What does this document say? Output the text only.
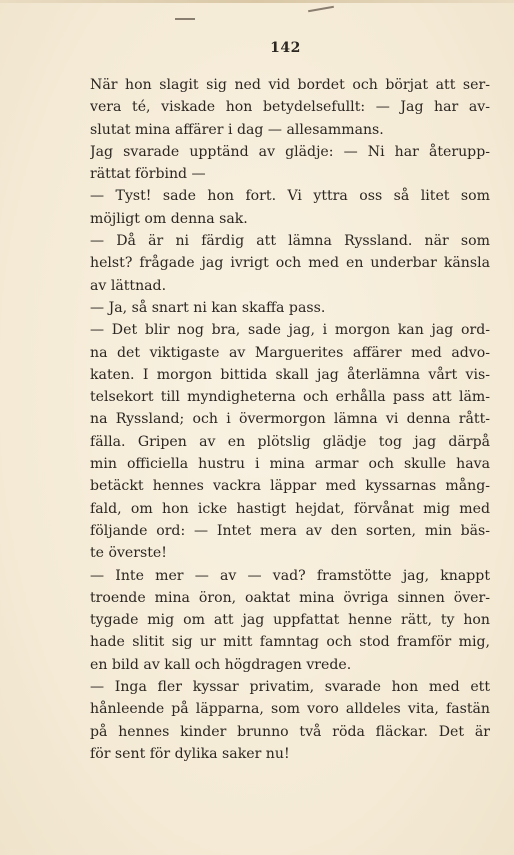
142
När hon slagit sig ned vid bordet och börjat att ser-
vera té, viskade hon betydelsefullt: — Jag har av-
slutat mina affärer i dag — allesammans.
Jag svarade upptänd av glädje: — Ni har återupp-
rättat förbind —
— Tyst! sade hon fort. Vi yttra oss så litet som
möjligt om denna sak.
— Då är ni färdig att lämna Ryssland. när som
helst? frågade jag ivrigt och med en underbar känsla
av lättnad.
— Ja, så snart ni kan skaffa pass.
— Det blir nog bra, sade jag, i morgon kan jag ord-
na det viktigaste av Marguerites affärer med advo-
katen. I morgon bittida skall jag återlämna vårt vis-
telsekort till myndigheterna och erhålla pass att läm-
na Ryssland; och i övermorgon lämna vi denna rått-
fälla. Gripen av en plötslig glädje tog jag därpå
min officiella hustru i mina armar och skulle hava
betäckt hennes vackra läppar med kyssarnas mång-
fald, om hon icke hastigt hejdat, förvånat mig med
följande ord: — Intet mera av den sorten, min bäs-
te överste!
— Inte mer — av — vad? framstötte jag, knappt
troende mina öron, oaktat mina övriga sinnen över-
tygade mig om att jag uppfattat henne rätt, ty hon
hade slitit sig ur mitt famntag och stod framför mig,
en bild av kall och högdragen vrede.
— Inga fler kyssar privatim, svarade hon med ett
hånleende på läpparna, som voro alldeles vita, fastän
på hennes kinder brunno två röda fläckar. Det är
för sent för dylika saker nu!
